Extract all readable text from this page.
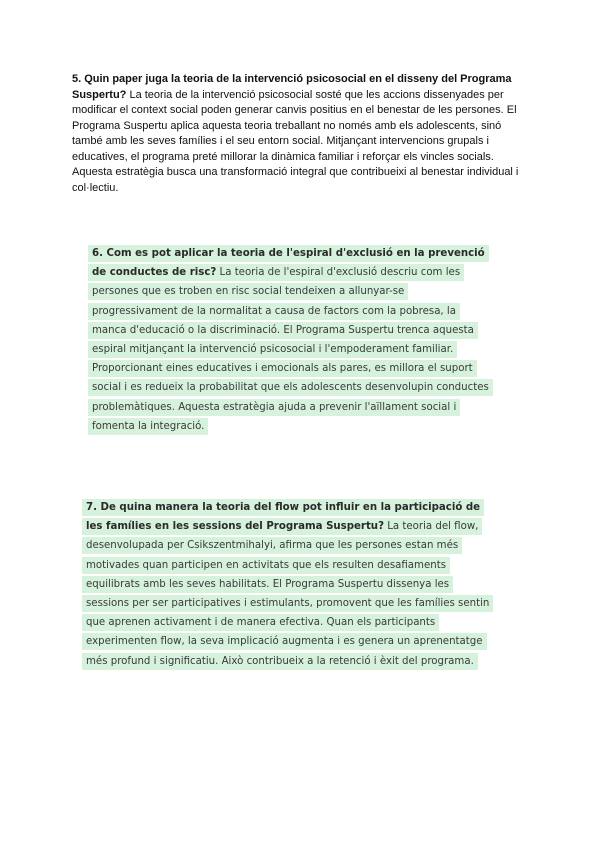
5. Quin paper juga la teoria de la intervenció psicosocial en el disseny del Programa Suspertu? La teoria de la intervenció psicosocial sosté que les accions dissenyades per modificar el context social poden generar canvis positius en el benestar de les persones. El Programa Suspertu aplica aquesta teoria treballant no només amb els adolescents, sinó també amb les seves famílies i el seu entorn social. Mitjançant intervencions grupals i educatives, el programa preté millorar la dinàmica familiar i reforçar els vincles socials. Aquesta estratègia busca una transformació integral que contribueixi al benestar individual i col·lectiu.
6. Com es pot aplicar la teoria de l'espiral d'exclusió en la prevenció de conductes de risc? La teoria de l'espiral d'exclusió descriu com les persones que es troben en risc social tendeixen a allunyar-se progressivament de la normalitat a causa de factors com la pobresa, la manca d'educació o la discriminació. El Programa Suspertu trenca aquesta espiral mitjançant la intervenció psicosocial i l'empoderament familiar. Proporcionant eines educatives i emocionals als pares, es millora el suport social i es redueix la probabilitat que els adolescents desenvolupin conductes problemàtiques. Aquesta estratègia ajuda a prevenir l'aïllament social i fomenta la integració.
7. De quina manera la teoria del flow pot influir en la participació de les famílies en les sessions del Programa Suspertu? La teoria del flow, desenvolupada per Csikszentmihalyi, afirma que les persones estan més motivades quan participen en activitats que els resulten desafiaments equilibrats amb les seves habilitats. El Programa Suspertu dissenya les sessions per ser participatives i estimulants, promovent que les famílies sentin que aprenen activament i de manera efectiva. Quan els participants experimenten flow, la seva implicació augmenta i es genera un aprenentatge més profund i significatiu. Això contribueix a la retenció i èxit del programa.
